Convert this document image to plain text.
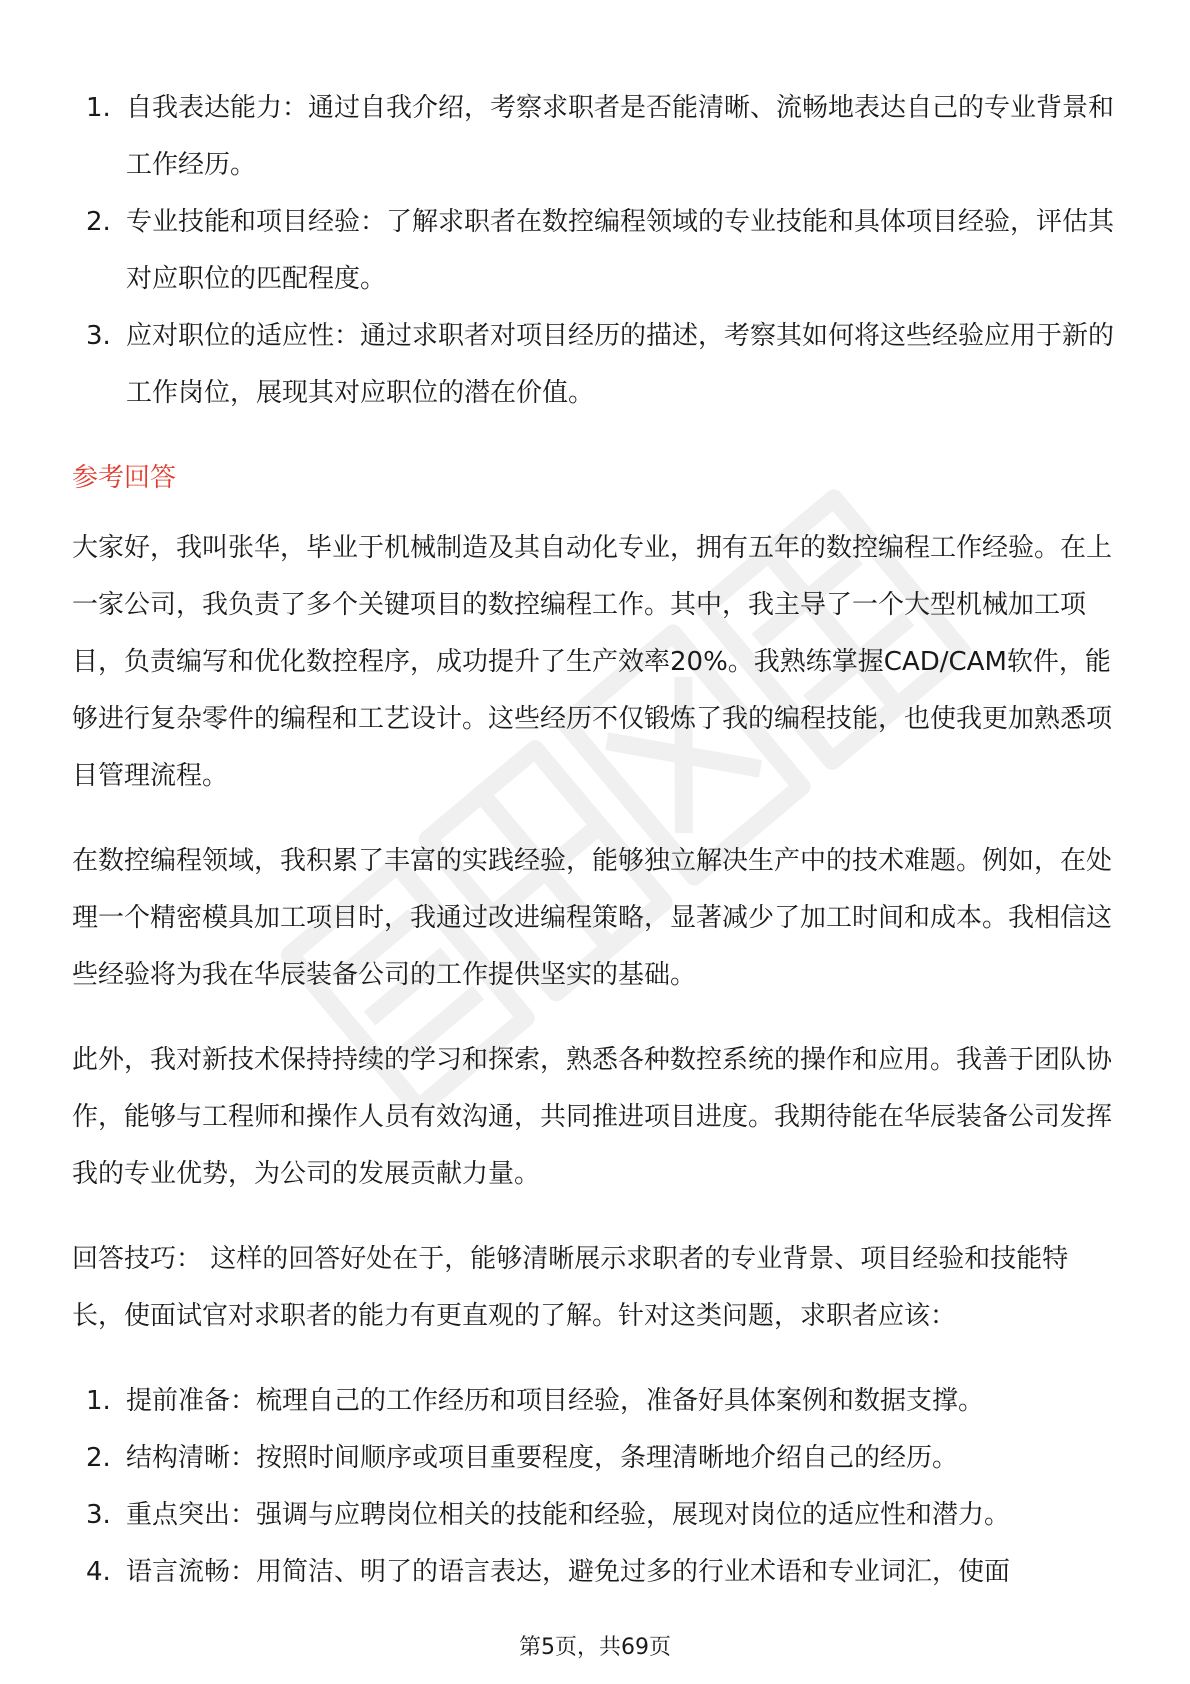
1. 自我表达能力：通过自我介绍，考察求职者是否能清晰、流畅地表达自己的专业背景和工作经历。
2. 专业技能和项目经验：了解求职者在数控编程领域的专业技能和具体项目经验，评估其对应职位的匹配程度。
3. 应对职位的适应性：通过求职者对项目经历的描述，考察其如何将这些经验应用于新的工作岗位，展现其对应职位的潜在价值。
参考回答

大家好，我叫张华，毕业于机械制造及其自动化专业，拥有五年的数控编程工作经验。在上一家公司，我负责了多个关键项目的数控编程工作。其中，我主导了一个大型机械加工项目，负责编写和优化数控程序，成功提升了生产效率20%。我熟练掌握CAD/CAM软件，能够进行复杂零件的编程和工艺设计。这些经历不仅锻炼了我的编程技能，也使我更加熟悉项目管理流程。

在数控编程领域，我积累了丰富的实践经验，能够独立解决生产中的技术难题。例如，在处理一个精密模具加工项目时，我通过改进编程策略，显著减少了加工时间和成本。我相信这些经验将为我在华辰装备公司的工作提供坚实的基础。

此外，我对新技术保持持续的学习和探索，熟悉各种数控系统的操作和应用。我善于团队协作，能够与工程师和操作人员有效沟通，共同推进项目进度。我期待能在华辰装备公司发挥我的专业优势，为公司的发展贡献力量。

回答技巧： 这样的回答好处在于，能够清晰展示求职者的专业背景、项目经验和技能特长，使面试官对求职者的能力有更直观的了解。针对这类问题，求职者应该：

1. 提前准备：梳理自己的工作经历和项目经验，准备好具体案例和数据支撑。
2. 结构清晰：按照时间顺序或项目重要程度，条理清晰地介绍自己的经历。
3. 重点突出：强调与应聘岗位相关的技能和经验，展现对岗位的适应性和潜力。
4. 语言流畅：用简洁、明了的语言表达，避免过多的行业术语和专业词汇，使面
第5页，共69页
